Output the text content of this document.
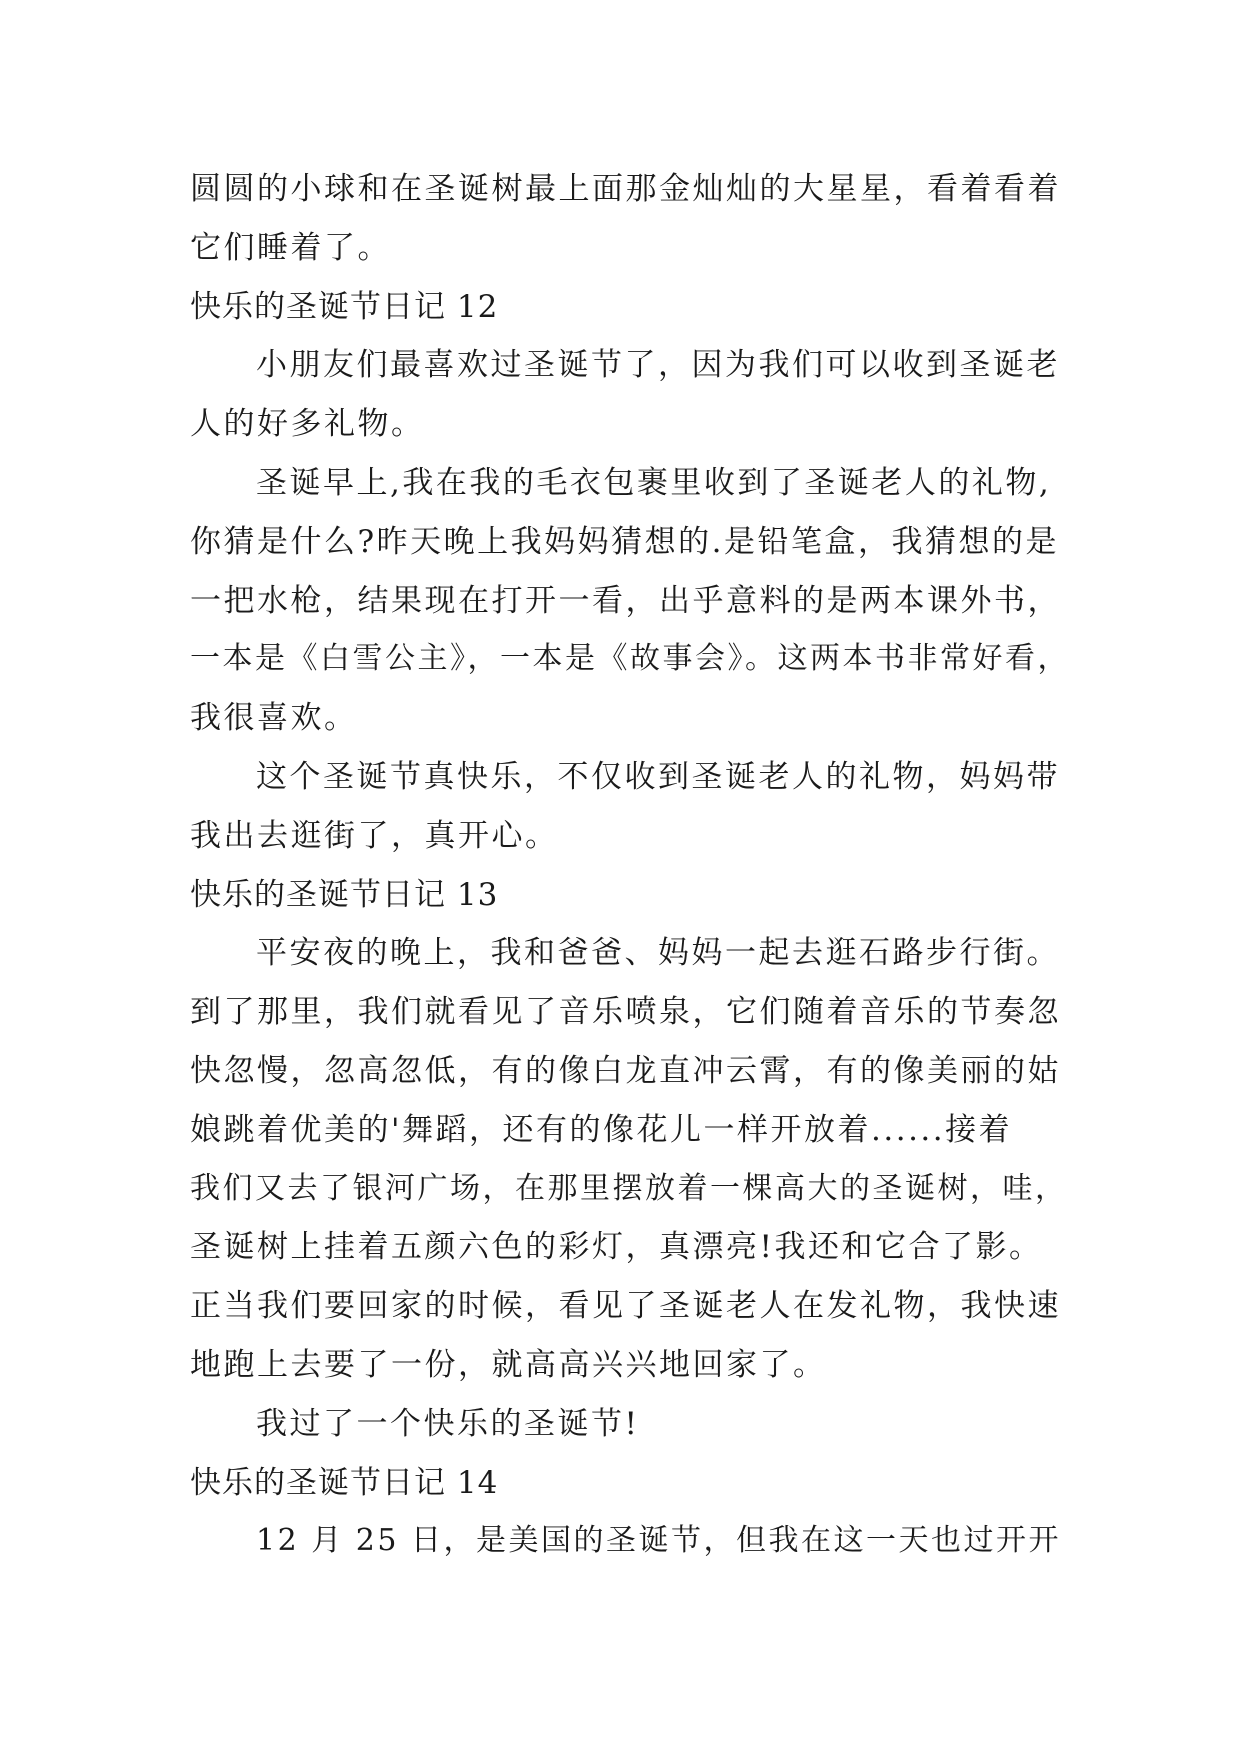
圆圆的小球和在圣诞树最上面那金灿灿的大星星，看着看着
它们睡着了。
快乐的圣诞节日记 12
小朋友们最喜欢过圣诞节了，因为我们可以收到圣诞老
人的好多礼物。
圣诞早上,我在我的毛衣包裹里收到了圣诞老人的礼物,
你猜是什么?昨天晚上我妈妈猜想的.是铅笔盒，我猜想的是
一把水枪，结果现在打开一看，出乎意料的是两本课外书，
一本是《白雪公主》，一本是《故事会》。这两本书非常好看，
我很喜欢。
这个圣诞节真快乐，不仅收到圣诞老人的礼物，妈妈带
我出去逛街了，真开心。
快乐的圣诞节日记 13
平安夜的晚上，我和爸爸、妈妈一起去逛石路步行街。
到了那里，我们就看见了音乐喷泉，它们随着音乐的节奏忽
快忽慢，忽高忽低，有的像白龙直冲云霄，有的像美丽的姑
娘跳着优美的'舞蹈，还有的像花儿一样开放着......接着
我们又去了银河广场，在那里摆放着一棵高大的圣诞树，哇，
圣诞树上挂着五颜六色的彩灯，真漂亮!我还和它合了影。
正当我们要回家的时候，看见了圣诞老人在发礼物，我快速
地跑上去要了一份，就高高兴兴地回家了。
我过了一个快乐的圣诞节!
快乐的圣诞节日记 14
12 月 25 日，是美国的圣诞节，但我在这一天也过开开
